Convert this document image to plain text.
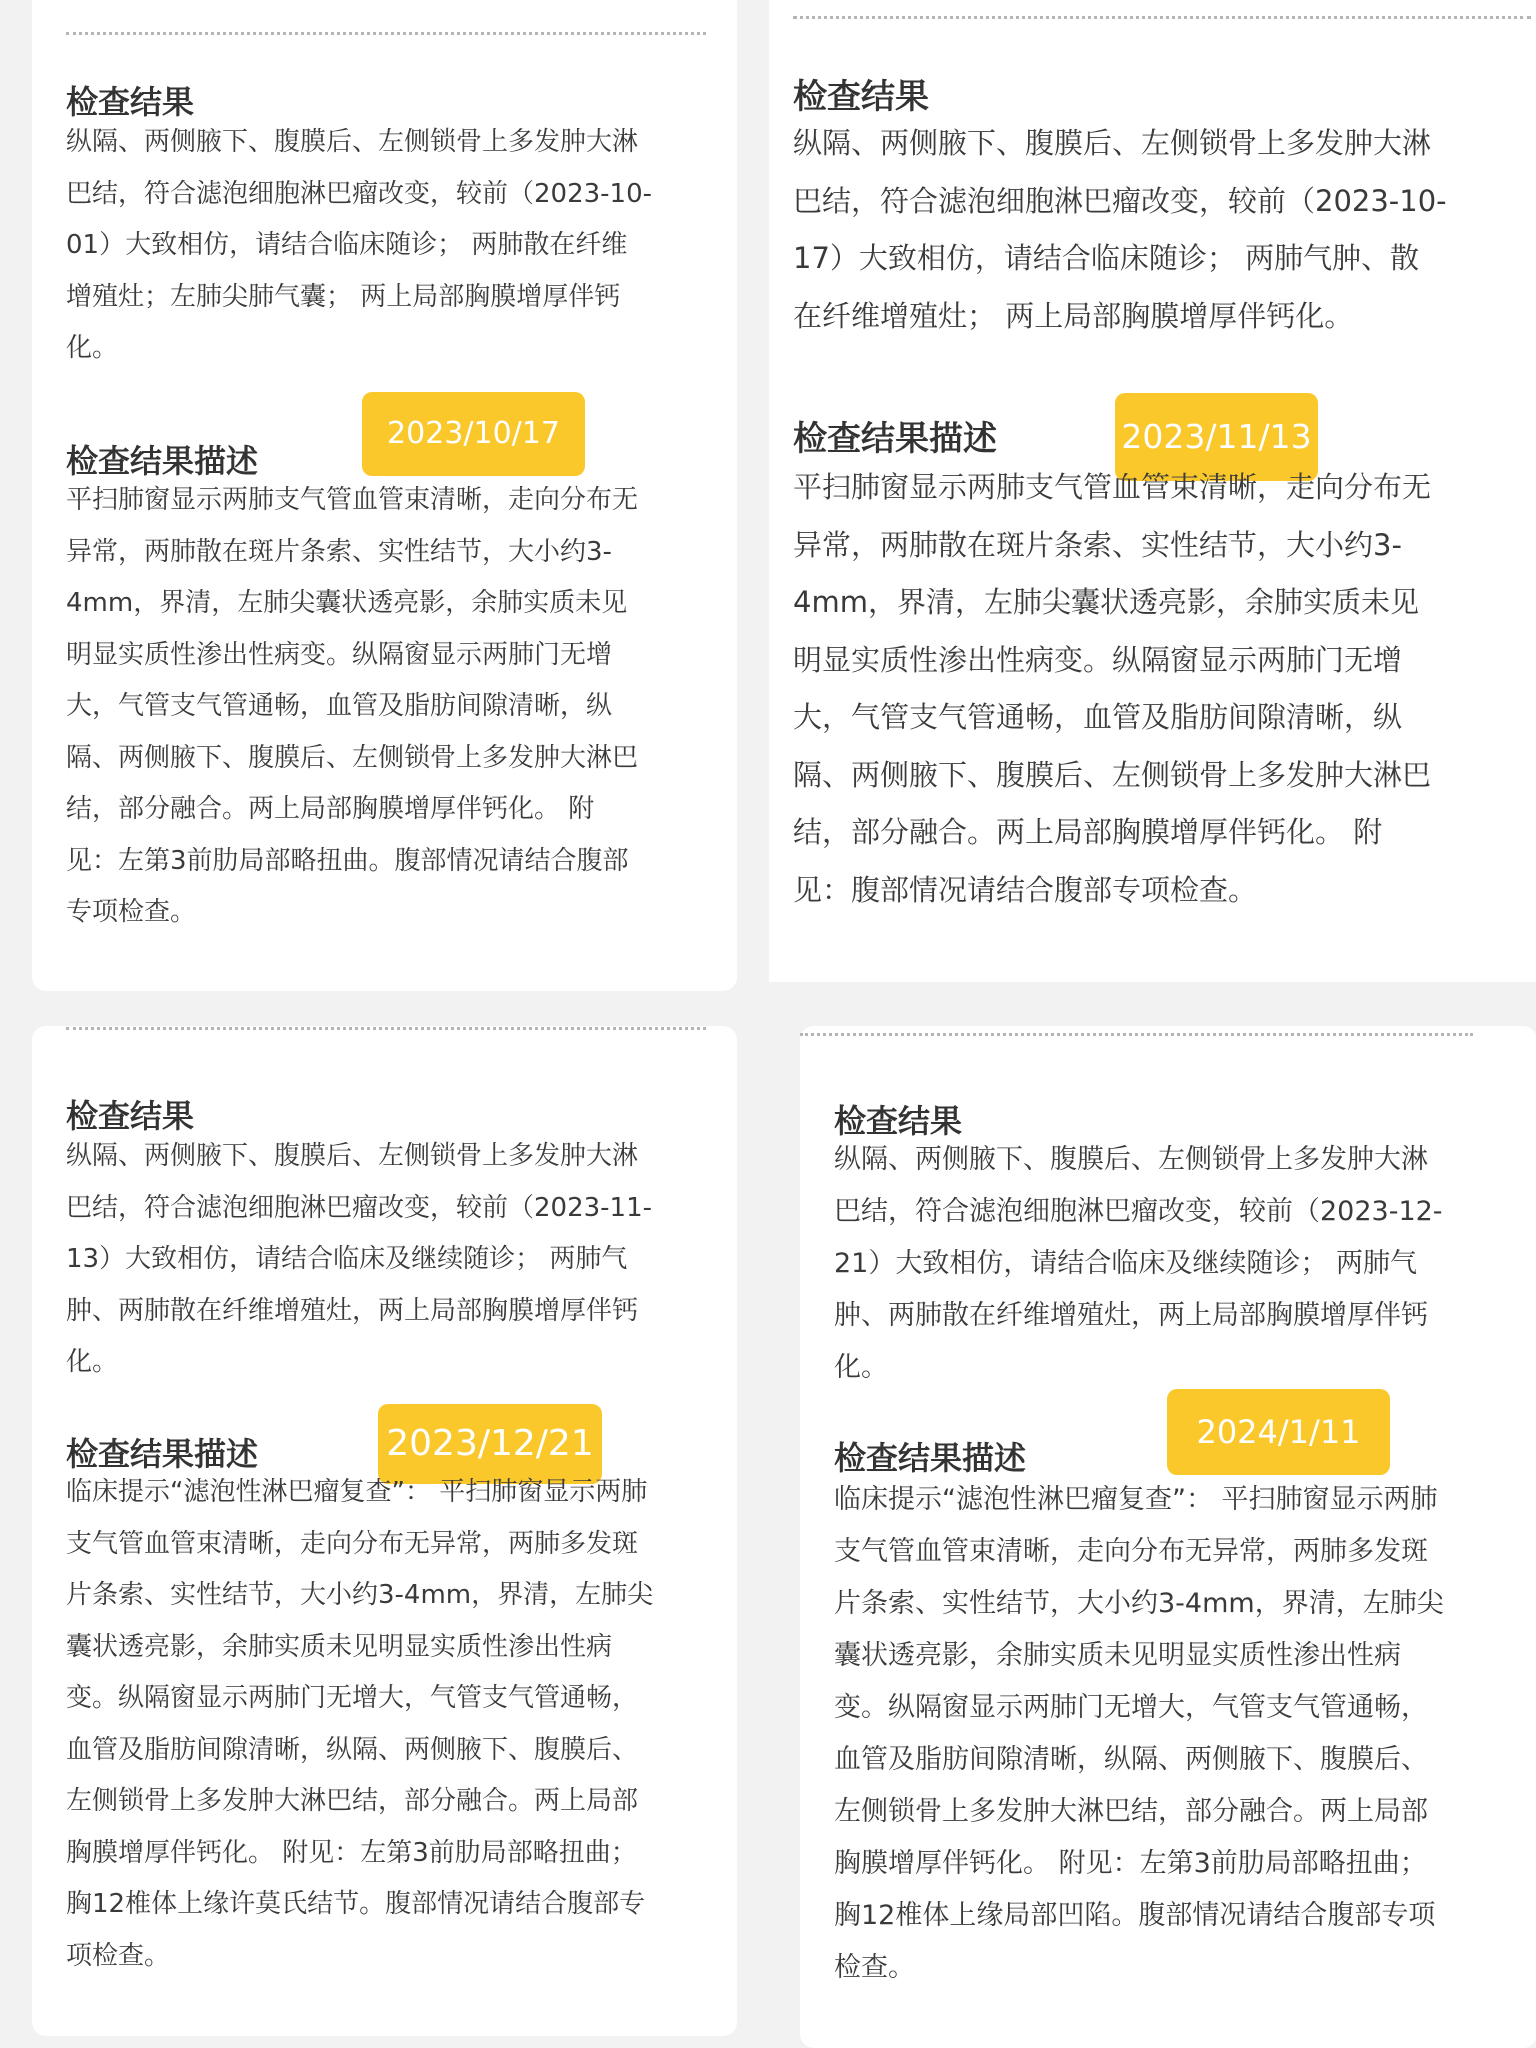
检查结果
纵隔、两侧腋下、腹膜后、左侧锁骨上多发肿大淋
巴结，符合滤泡细胞淋巴瘤改变，较前（2023-10-
01）大致相仿，请结合临床随诊； 两肺散在纤维
增殖灶；左肺尖肺气囊； 两上局部胸膜增厚伴钙
化。
2023/10/17
检查结果描述
平扫肺窗显示两肺支气管血管束清晰，走向分布无
异常，两肺散在斑片条索、实性结节，大小约3-
4mm，界清，左肺尖囊状透亮影，余肺实质未见
明显实质性渗出性病变。纵隔窗显示两肺门无增
大，气管支气管通畅，血管及脂肪间隙清晰，纵
隔、两侧腋下、腹膜后、左侧锁骨上多发肿大淋巴
结，部分融合。两上局部胸膜增厚伴钙化。 附
见：左第3前肋局部略扭曲。腹部情况请结合腹部
专项检查。
检查结果
纵隔、两侧腋下、腹膜后、左侧锁骨上多发肿大淋
巴结，符合滤泡细胞淋巴瘤改变，较前（2023-10-
17）大致相仿，请结合临床随诊； 两肺气肿、散
在纤维增殖灶； 两上局部胸膜增厚伴钙化。
2023/11/13
检查结果描述
平扫肺窗显示两肺支气管血管束清晰，走向分布无
异常，两肺散在斑片条索、实性结节，大小约3-
4mm，界清，左肺尖囊状透亮影，余肺实质未见
明显实质性渗出性病变。纵隔窗显示两肺门无增
大，气管支气管通畅，血管及脂肪间隙清晰，纵
隔、两侧腋下、腹膜后、左侧锁骨上多发肿大淋巴
结，部分融合。两上局部胸膜增厚伴钙化。 附
见：腹部情况请结合腹部专项检查。
检查结果
纵隔、两侧腋下、腹膜后、左侧锁骨上多发肿大淋
巴结，符合滤泡细胞淋巴瘤改变，较前（2023-11-
13）大致相仿，请结合临床及继续随诊； 两肺气
肿、两肺散在纤维增殖灶，两上局部胸膜增厚伴钙
化。
2023/12/21
检查结果描述
临床提示“滤泡性淋巴瘤复查”： 平扫肺窗显示两肺
支气管血管束清晰，走向分布无异常，两肺多发斑
片条索、实性结节，大小约3-4mm，界清，左肺尖
囊状透亮影，余肺实质未见明显实质性渗出性病
变。纵隔窗显示两肺门无增大，气管支气管通畅，
血管及脂肪间隙清晰，纵隔、两侧腋下、腹膜后、
左侧锁骨上多发肿大淋巴结，部分融合。两上局部
胸膜增厚伴钙化。 附见：左第3前肋局部略扭曲；
胸12椎体上缘许莫氏结节。腹部情况请结合腹部专
项检查。
检查结果
纵隔、两侧腋下、腹膜后、左侧锁骨上多发肿大淋
巴结，符合滤泡细胞淋巴瘤改变，较前（2023-12-
21）大致相仿，请结合临床及继续随诊； 两肺气
肿、两肺散在纤维增殖灶，两上局部胸膜增厚伴钙
化。
2024/1/11
检查结果描述
临床提示“滤泡性淋巴瘤复查”： 平扫肺窗显示两肺
支气管血管束清晰，走向分布无异常，两肺多发斑
片条索、实性结节，大小约3-4mm，界清，左肺尖
囊状透亮影，余肺实质未见明显实质性渗出性病
变。纵隔窗显示两肺门无增大，气管支气管通畅，
血管及脂肪间隙清晰，纵隔、两侧腋下、腹膜后、
左侧锁骨上多发肿大淋巴结，部分融合。两上局部
胸膜增厚伴钙化。 附见：左第3前肋局部略扭曲；
胸12椎体上缘局部凹陷。腹部情况请结合腹部专项
检查。
